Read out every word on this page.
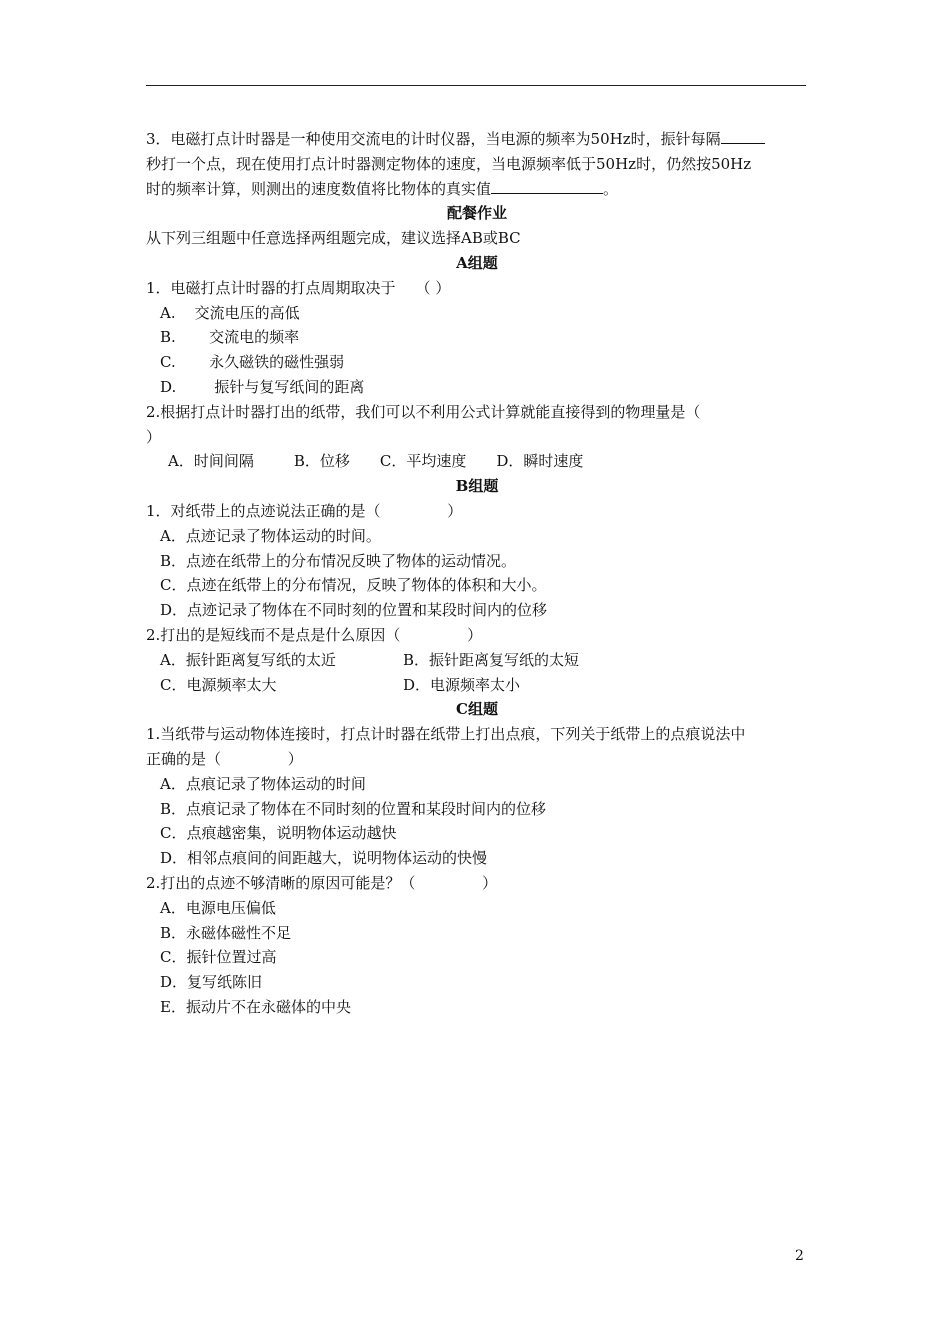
3．电磁打点计时器是一种使用交流电的计时仪器，当电源的频率为50Hz时，振针每隔
秒打一个点，现在使用打点计时器测定物体的速度，当电源频率低于50Hz时，仍然按50Hz
时的频率计算，则测出的速度数值将比物体的真实值	。
配餐作业
从下列三组题中任意选择两组题完成，建议选择AB或BC
A组题
1．电磁打点计时器的打点周期取决于 （ ）
A.    交流电压的高低
B.       交流电的频率
C.       永久磁铁的磁性强弱
D.        振针与复写纸间的距离
2.根据打点计时器打出的纸带，我们可以不利用公式计算就能直接得到的物理量是（
）
A．时间间隔	B．位移 C．平均速度 D．瞬时速度
B组题
1．对纸带上的点迹说法正确的是（              ）
A．点迹记录了物体运动的时间。
B．点迹在纸带上的分布情况反映了物体的运动情况。
C．点迹在纸带上的分布情况，反映了物体的体积和大小。
D．点迹记录了物体在不同时刻的位置和某段时间内的位移
2.打出的是短线而不是点是什么原因（              ）
A．振针距离复写纸的太近	B．振针距离复写纸的太短
C．电源频率太大	D．电源频率太小
C组题
1.当纸带与运动物体连接时，打点计时器在纸带上打出点痕，下列关于纸带上的点痕说法中
正确的是（              ）
A．点痕记录了物体运动的时间
B．点痕记录了物体在不同时刻的位置和某段时间内的位移
C．点痕越密集，说明物体运动越快
D．相邻点痕间的间距越大，说明物体运动的快慢
2.打出的点迹不够清晰的原因可能是？（              ）
A．电源电压偏低
B．永磁体磁性不足
C．振针位置过高
D．复写纸陈旧
E．振动片不在永磁体的中央
2
